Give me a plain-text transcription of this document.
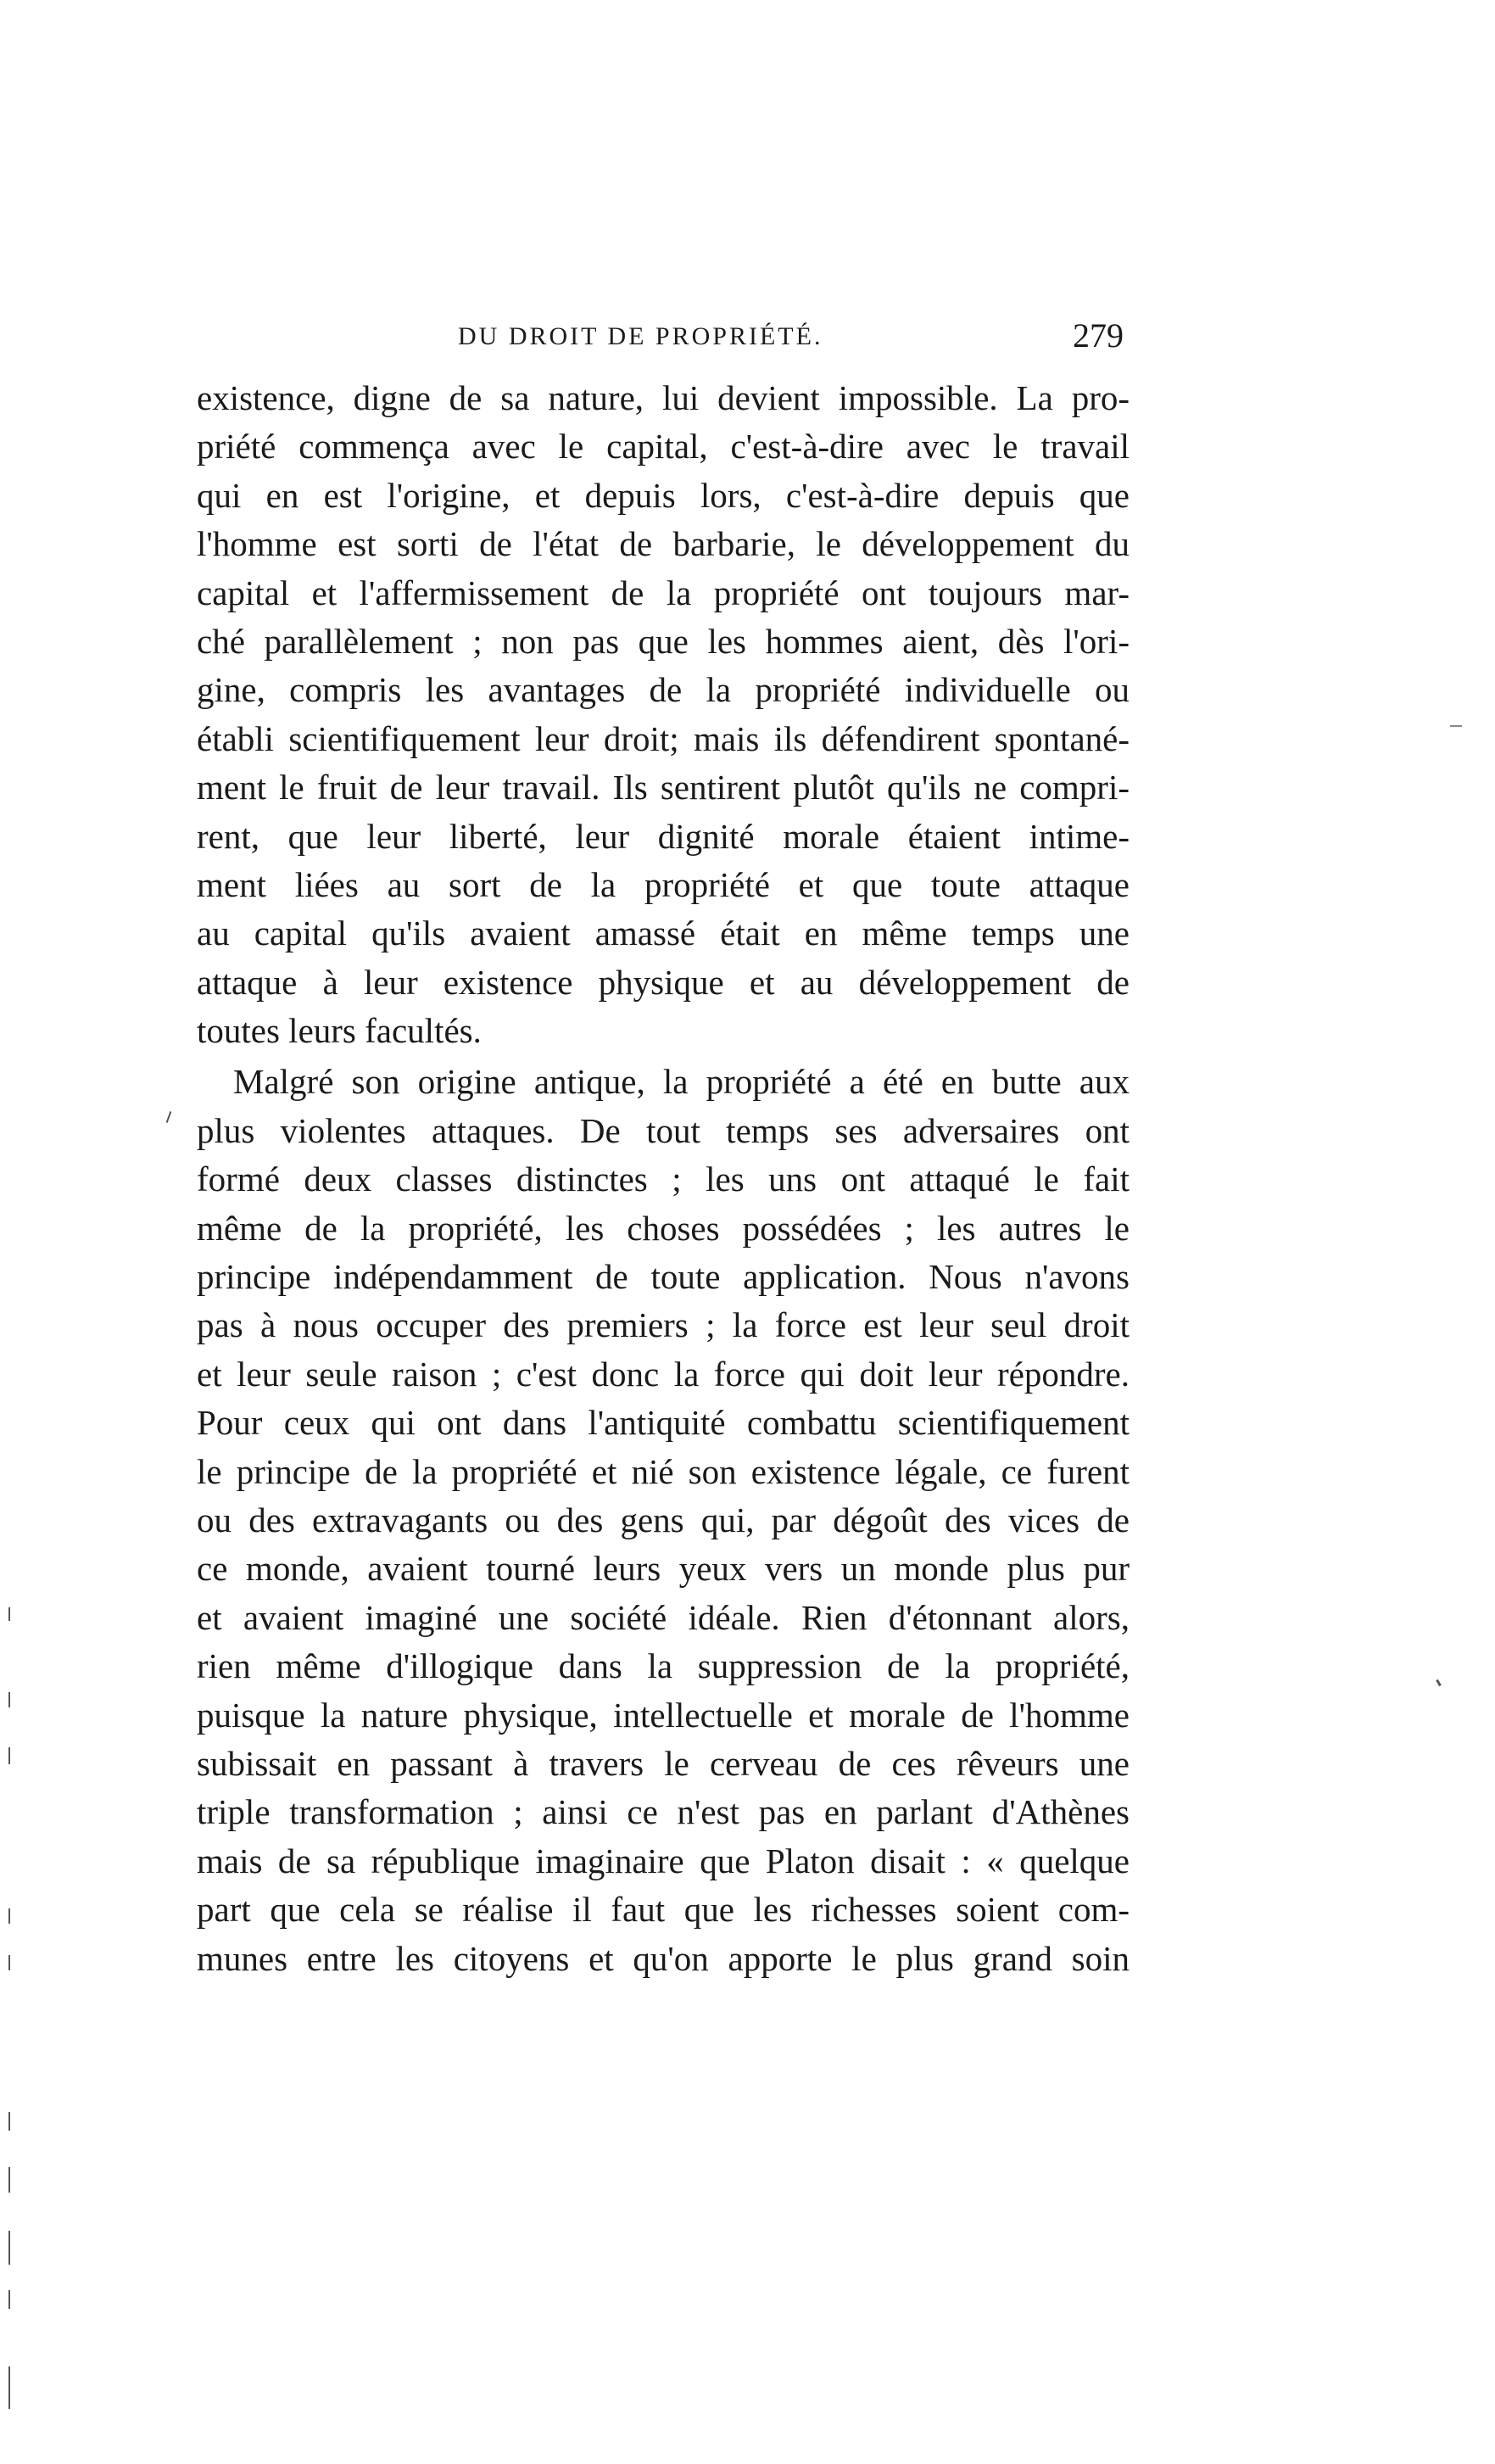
DU DROIT DE PROPRIÉTÉ.	279
existence, digne de sa nature, lui devient impossible. La pro-
priété commença avec le capital, c'est-à-dire avec le travail
qui en est l'origine, et depuis lors, c'est-à-dire depuis que
l'homme est sorti de l'état de barbarie, le développement du
capital et l'affermissement de la propriété ont toujours mar-
ché parallèlement ; non pas que les hommes aient, dès l'ori-
gine, compris les avantages de la propriété individuelle ou
établi scientifiquement leur droit; mais ils défendirent spontané-
ment le fruit de leur travail. Ils sentirent plutôt qu'ils ne compri-
rent, que leur liberté, leur dignité morale étaient intime-
ment liées au sort de la propriété et que toute attaque
au capital qu'ils avaient amassé était en même temps une
attaque à leur existence physique et au développement de
toutes leurs facultés.
Malgré son origine antique, la propriété a été en butte aux
plus violentes attaques. De tout temps ses adversaires ont
formé deux classes distinctes ; les uns ont attaqué le fait
même de la propriété, les choses possédées ; les autres le
principe indépendamment de toute application. Nous n'avons
pas à nous occuper des premiers ; la force est leur seul droit
et leur seule raison ; c'est donc la force qui doit leur répondre.
Pour ceux qui ont dans l'antiquité combattu scientifiquement
le principe de la propriété et nié son existence légale, ce furent
ou des extravagants ou des gens qui, par dégoût des vices de
ce monde, avaient tourné leurs yeux vers un monde plus pur
et avaient imaginé une société idéale. Rien d'étonnant alors,
rien même d'illogique dans la suppression de la propriété,
puisque la nature physique, intellectuelle et morale de l'homme
subissait en passant à travers le cerveau de ces rêveurs une
triple transformation ; ainsi ce n'est pas en parlant d'Athènes
mais de sa république imaginaire que Platon disait : « quelque
part que cela se réalise il faut que les richesses soient com-
munes entre les citoyens et qu'on apporte le plus grand soin
